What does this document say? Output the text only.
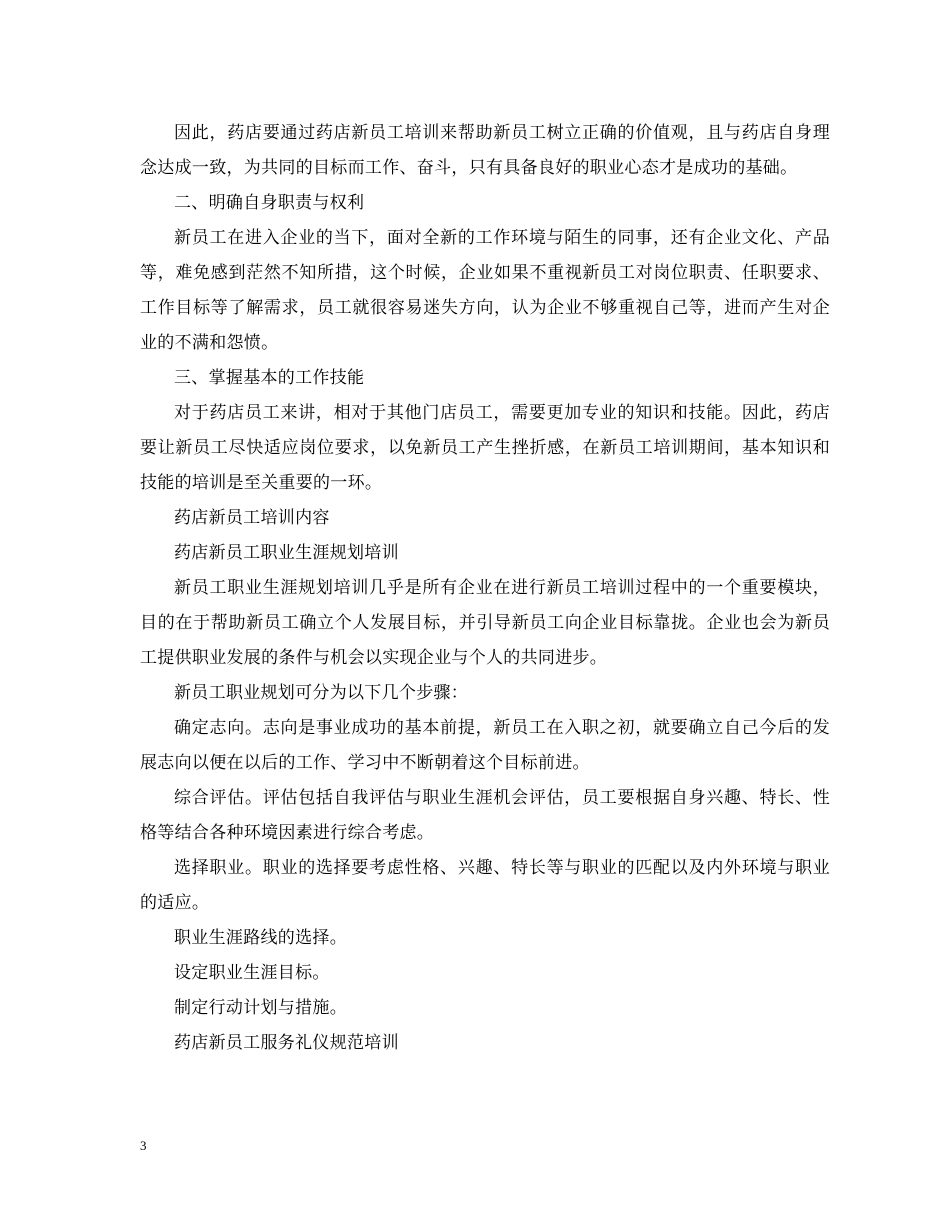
因此，药店要通过药店新员工培训来帮助新员工树立正确的价值观，且与药店自身理念达成一致，为共同的目标而工作、奋斗，只有具备良好的职业心态才是成功的基础。

二、明确自身职责与权利

新员工在进入企业的当下，面对全新的工作环境与陌生的同事，还有企业文化、产品等，难免感到茫然不知所措，这个时候，企业如果不重视新员工对岗位职责、任职要求、工作目标等了解需求，员工就很容易迷失方向，认为企业不够重视自己等，进而产生对企业的不满和怨愤。

三、掌握基本的工作技能

对于药店员工来讲，相对于其他门店员工，需要更加专业的知识和技能。因此，药店要让新员工尽快适应岗位要求，以免新员工产生挫折感，在新员工培训期间，基本知识和技能的培训是至关重要的一环。

药店新员工培训内容

药店新员工职业生涯规划培训

新员工职业生涯规划培训几乎是所有企业在进行新员工培训过程中的一个重要模块，目的在于帮助新员工确立个人发展目标，并引导新员工向企业目标靠拢。企业也会为新员工提供职业发展的条件与机会以实现企业与个人的共同进步。

新员工职业规划可分为以下几个步骤：

确定志向。志向是事业成功的基本前提，新员工在入职之初，就要确立自己今后的发展志向以便在以后的工作、学习中不断朝着这个目标前进。

综合评估。评估包括自我评估与职业生涯机会评估，员工要根据自身兴趣、特长、性格等结合各种环境因素进行综合考虑。

选择职业。职业的选择要考虑性格、兴趣、特长等与职业的匹配以及内外环境与职业的适应。

职业生涯路线的选择。

设定职业生涯目标。

制定行动计划与措施。

药店新员工服务礼仪规范培训

3
